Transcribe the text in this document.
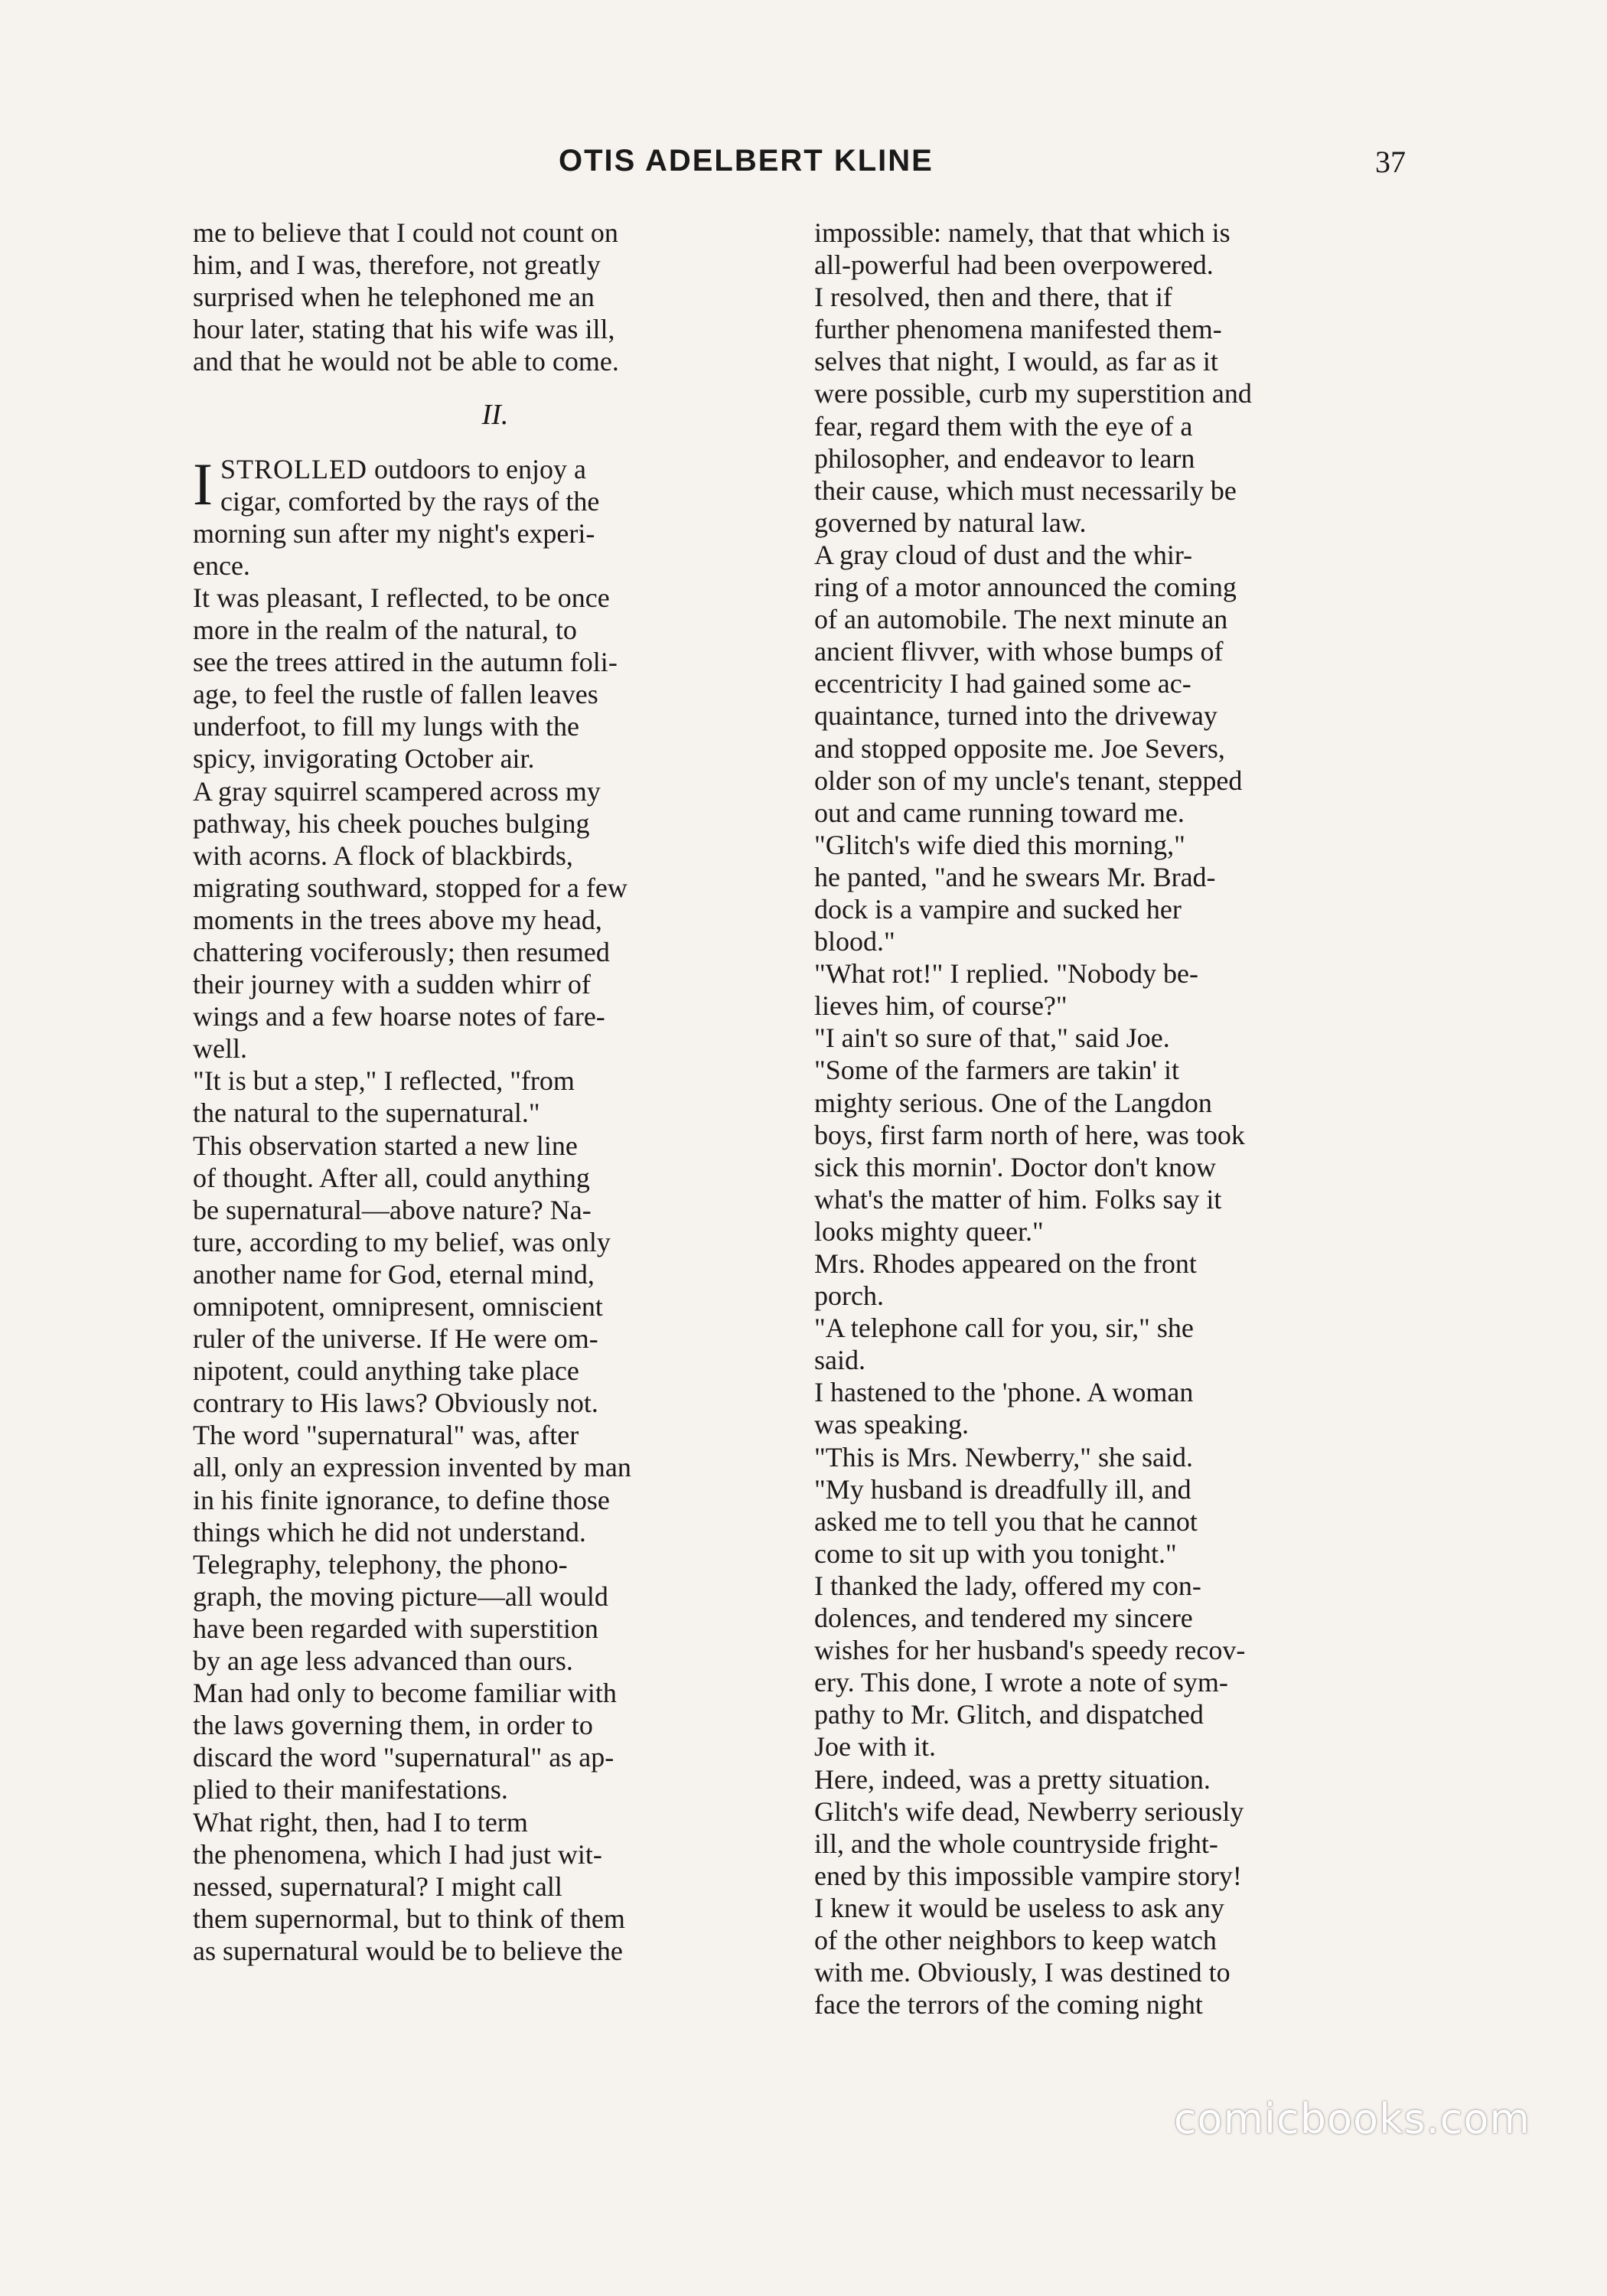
OTIS ADELBERT KLINE	37
me to believe that I could not count on
him, and I was, therefore, not greatly
surprised when he telephoned me an
hour later, stating that his wife was ill,
and that he would not be able to come.
II.
I STROLLED outdoors to enjoy a
cigar, comforted by the rays of the
morning sun after my night's experi-
ence.
It was pleasant, I reflected, to be once
more in the realm of the natural, to
see the trees attired in the autumn foli-
age, to feel the rustle of fallen leaves
underfoot, to fill my lungs with the
spicy, invigorating October air.
A gray squirrel scampered across my
pathway, his cheek pouches bulging
with acorns. A flock of blackbirds,
migrating southward, stopped for a few
moments in the trees above my head,
chattering vociferously; then resumed
their journey with a sudden whirr of
wings and a few hoarse notes of fare-
well.
"It is but a step," I reflected, "from
the natural to the supernatural."
This observation started a new line
of thought. After all, could anything
be supernatural—above nature? Na-
ture, according to my belief, was only
another name for God, eternal mind,
omnipotent, omnipresent, omniscient
ruler of the universe. If He were om-
nipotent, could anything take place
contrary to His laws? Obviously not.
The word "supernatural" was, after
all, only an expression invented by man
in his finite ignorance, to define those
things which he did not understand.
Telegraphy, telephony, the phono-
graph, the moving picture—all would
have been regarded with superstition
by an age less advanced than ours.
Man had only to become familiar with
the laws governing them, in order to
discard the word "supernatural" as ap-
plied to their manifestations.
What right, then, had I to term
the phenomena, which I had just wit-
nessed, supernatural? I might call
them supernormal, but to think of them
as supernatural would be to believe the
impossible: namely, that that which is
all-powerful had been overpowered.
I resolved, then and there, that if
further phenomena manifested them-
selves that night, I would, as far as it
were possible, curb my superstition and
fear, regard them with the eye of a
philosopher, and endeavor to learn
their cause, which must necessarily be
governed by natural law.
A gray cloud of dust and the whir-
ring of a motor announced the coming
of an automobile. The next minute an
ancient flivver, with whose bumps of
eccentricity I had gained some ac-
quaintance, turned into the driveway
and stopped opposite me. Joe Severs,
older son of my uncle's tenant, stepped
out and came running toward me.
"Glitch's wife died this morning,"
he panted, "and he swears Mr. Brad-
dock is a vampire and sucked her
blood."
"What rot!" I replied. "Nobody be-
lieves him, of course?"
"I ain't so sure of that," said Joe.
"Some of the farmers are takin' it
mighty serious. One of the Langdon
boys, first farm north of here, was took
sick this mornin'. Doctor don't know
what's the matter of him. Folks say it
looks mighty queer."
Mrs. Rhodes appeared on the front
porch.
"A telephone call for you, sir," she
said.
I hastened to the 'phone. A woman
was speaking.
"This is Mrs. Newberry," she said.
"My husband is dreadfully ill, and
asked me to tell you that he cannot
come to sit up with you tonight."
I thanked the lady, offered my con-
dolences, and tendered my sincere
wishes for her husband's speedy recov-
ery. This done, I wrote a note of sym-
pathy to Mr. Glitch, and dispatched
Joe with it.
Here, indeed, was a pretty situation.
Glitch's wife dead, Newberry seriously
ill, and the whole countryside fright-
ened by this impossible vampire story!
I knew it would be useless to ask any
of the other neighbors to keep watch
with me. Obviously, I was destined to
face the terrors of the coming night
comicbooks.com
